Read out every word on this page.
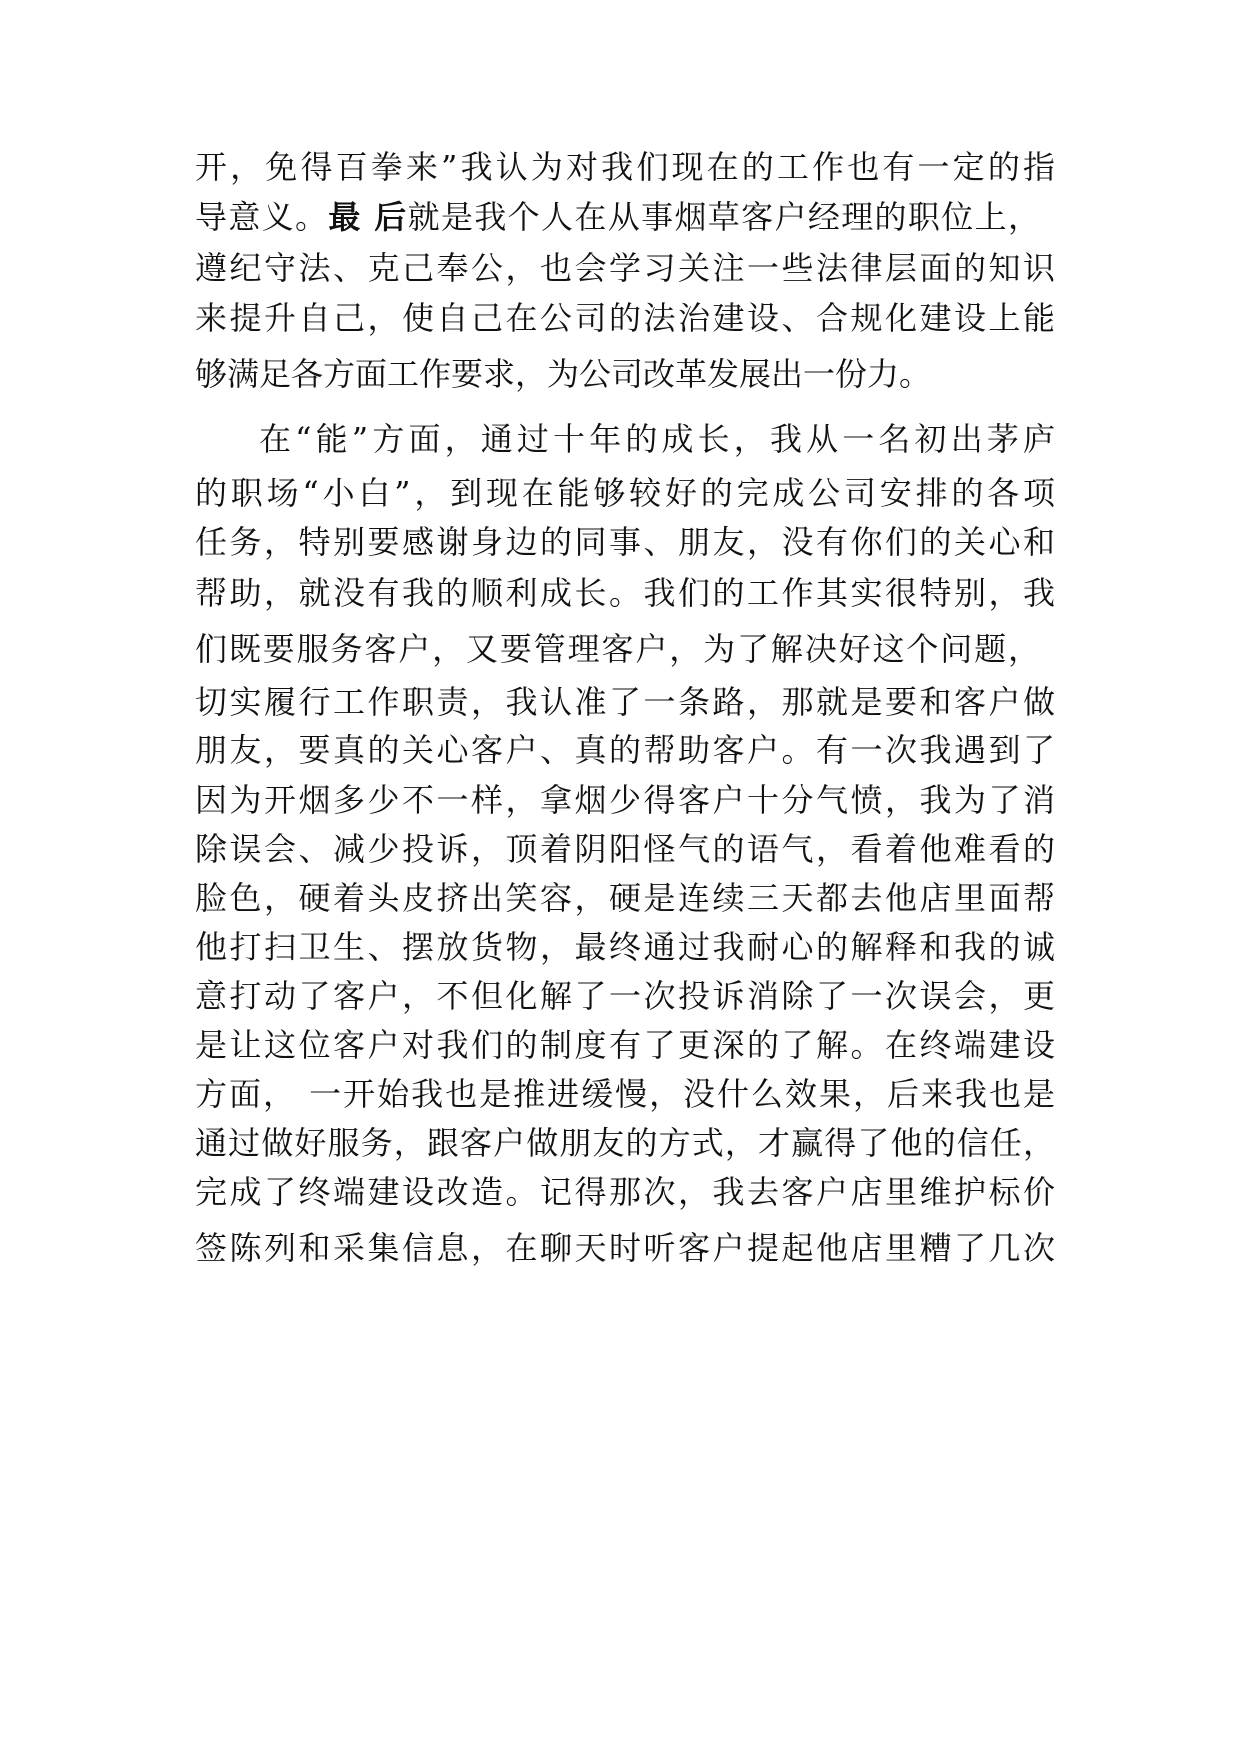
开，免得百拳来”我认为对我们现在的工作也有一定的指
导意义。最 后就是我个人在从事烟草客户经理的职位上，
遵纪守法、克己奉公，也会学习关注一些法律层面的知识
来提升自己，使自己在公司的法治建设、合规化建设上能
够满足各方面工作要求，为公司改革发展出一份力。
在“能”方面，通过十年的成长，我从一名初出茅庐
的职场“小白”，到现在能够较好的完成公司安排的各项
任务，特别要感谢身边的同事、朋友，没有你们的关心和
帮助，就没有我的顺利成长。我们的工作其实很特别，我
们既要服务客户，又要管理客户，为了解决好这个问题，
切实履行工作职责，我认准了一条路，那就是要和客户做
朋友，要真的关心客户、真的帮助客户。有一次我遇到了
因为开烟多少不一样，拿烟少得客户十分气愤，我为了消
除误会、减少投诉，顶着阴阳怪气的语气，看着他难看的
脸色，硬着头皮挤出笑容，硬是连续三天都去他店里面帮
他打扫卫生、摆放货物，最终通过我耐心的解释和我的诚
意打动了客户，不但化解了一次投诉消除了一次误会，更
是让这位客户对我们的制度有了更深的了解。在终端建设
方面， 一开始我也是推进缓慢，没什么效果，后来我也是
通过做好服务，跟客户做朋友的方式，才赢得了他的信任，
完成了终端建设改造。记得那次，我去客户店里维护标价
签陈列和采集信息，在聊天时听客户提起他店里糟了几次
